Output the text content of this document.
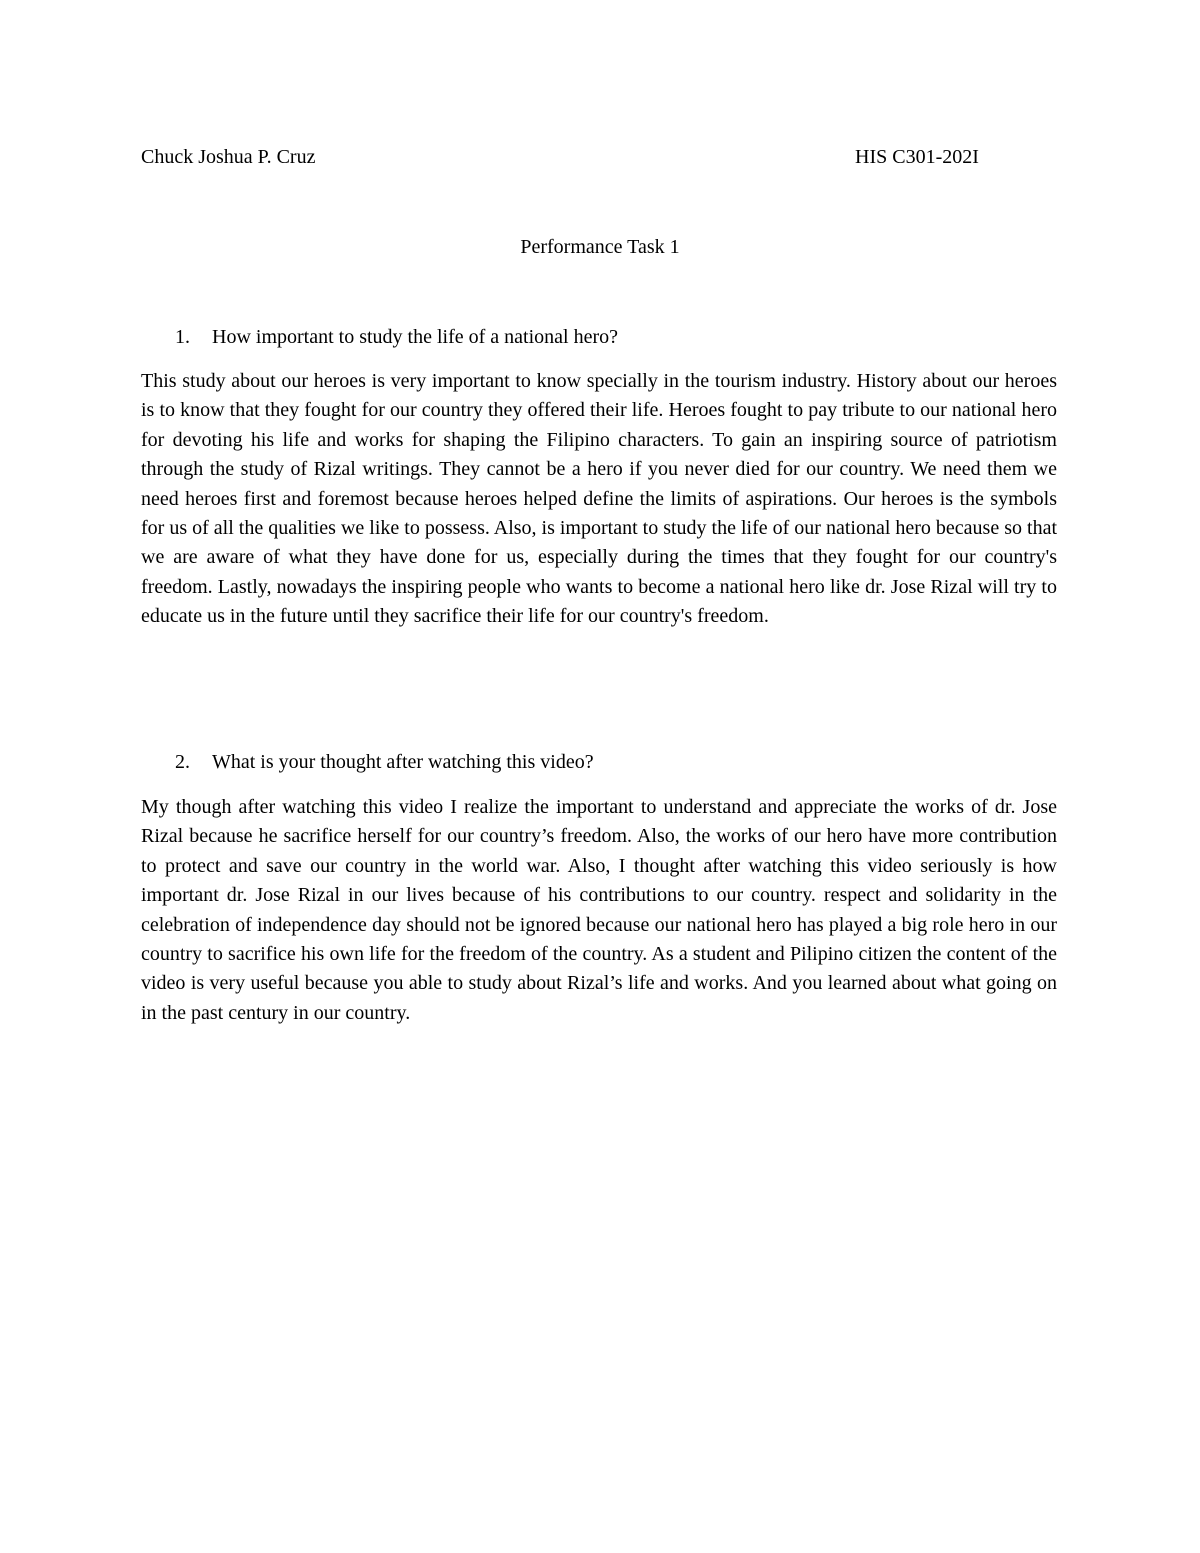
Chuck Joshua P. Cruz	HIS C301-202I
Performance Task 1
1. How important to study the life of a national hero?

This study about our heroes is very important to know specially in the tourism industry. History about our heroes is to know that they fought for our country they offered their life. Heroes fought to pay tribute to our national hero for devoting his life and works for shaping the Filipino characters. To gain an inspiring source of patriotism through the study of Rizal writings. They cannot be a hero if you never died for our country. We need them we need heroes first and foremost because heroes helped define the limits of aspirations. Our heroes is the symbols for us of all the qualities we like to possess. Also, is important to study the life of our national hero because so that we are aware of what they have done for us, especially during the times that they fought for our country's freedom. Lastly, nowadays the inspiring people who wants to become a national hero like dr. Jose Rizal will try to educate us in the future until they sacrifice their life for our country's freedom.

2. What is your thought after watching this video?

My though after watching this video I realize the important to understand and appreciate the works of dr. Jose Rizal because he sacrifice herself for our country’s freedom. Also, the works of our hero have more contribution to protect and save our country in the world war. Also, I thought after watching this video seriously is how important dr. Jose Rizal in our lives because of his contributions to our country. respect and solidarity in the celebration of independence day should not be ignored because our national hero has played a big role hero in our country to sacrifice his own life for the freedom of the country. As a student and Pilipino citizen the content of the video is very useful because you able to study about Rizal’s life and works. And you learned about what going on in the past century in our country.
